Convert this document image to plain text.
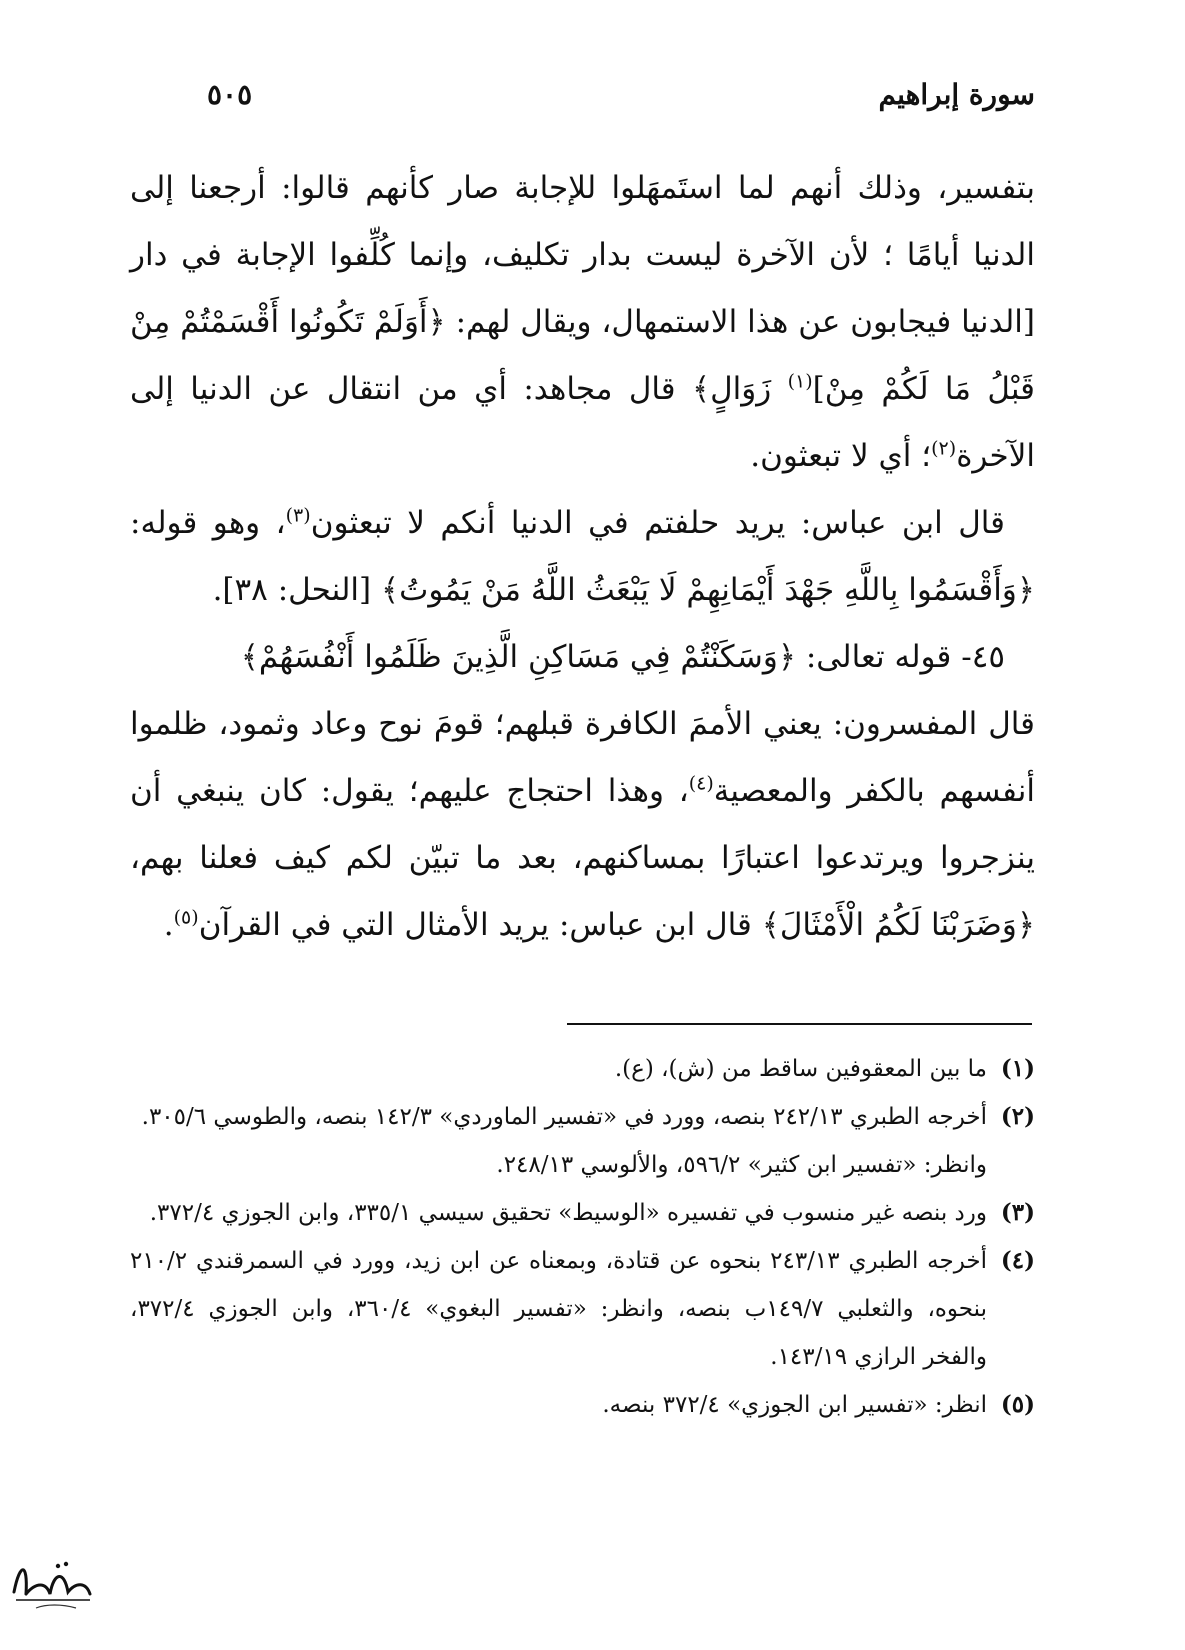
سورة إبراهيم
٥٠٥

بتفسير، وذلك أنهم لما استَمهَلوا للإجابة صار كأنهم قالوا: أرجعنا إلى الدنيا أيامًا ؛ لأن الآخرة ليست بدار تكليف، وإنما كُلِّفوا الإجابة في دار [الدنيا فيجابون عن هذا الاستمهال، ويقال لهم: ﴿أَوَلَمْ تَكُونُوا أَقْسَمْتُمْ مِنْ قَبْلُ مَا لَكُمْ مِنْ]$^{(١)}$ زَوَالٍ﴾ قال مجاهد: أي من انتقال عن الدنيا إلى الآخرة$^{(٢)}$؛ أي لا تبعثون.

قال ابن عباس: يريد حلفتم في الدنيا أنكم لا تبعثون$^{(٣)}$، وهو قوله: ﴿وَأَقْسَمُوا بِاللَّهِ جَهْدَ أَيْمَانِهِمْ لَا يَبْعَثُ اللَّهُ مَنْ يَمُوتُ﴾ [النحل: ٣٨].

٤٥- قوله تعالى: ﴿وَسَكَنْتُمْ فِي مَسَاكِنِ الَّذِينَ ظَلَمُوا أَنْفُسَهُمْ﴾

قال المفسرون: يعني الأممَ الكافرة قبلهم؛ قومَ نوح وعاد وثمود، ظلموا أنفسهم بالكفر والمعصية$^{(٤)}$، وهذا احتجاج عليهم؛ يقول: كان ينبغي أن ينزجروا ويرتدعوا اعتبارًا بمساكنهم، بعد ما تبيّن لكم كيف فعلنا بهم، ﴿وَضَرَبْنَا لَكُمُ الْأَمْثَالَ﴾ قال ابن عباس: يريد الأمثال التي في القرآن$^{(٥)}$.

(١)
ما بين المعقوفين ساقط من (ش)، (ع).

(٢)
أخرجه الطبري ٢٤٢/١٣ بنصه، وورد في «تفسير الماوردي» ١٤٢/٣ بنصه، والطوسي ٣٠٥/٦.

وانظر: «تفسير ابن كثير» ٥٩٦/٢، والألوسي ٢٤٨/١٣.

(٣)
ورد بنصه غير منسوب في تفسيره «الوسيط» تحقيق سيسي ٣٣٥/١، وابن الجوزي ٣٧٢/٤.

(٤)
أخرجه الطبري ٢٤٣/١٣ بنحوه عن قتادة، وبمعناه عن ابن زيد، وورد في السمرقندي ٢١٠/٢ بنحوه، والثعلبي ١٤٩/٧ب بنصه، وانظر: «تفسير البغوي» ٣٦٠/٤، وابن الجوزي ٣٧٢/٤، والفخر الرازي ١٤٣/١٩.

(٥)
انظر: «تفسير ابن الجوزي» ٣٧٢/٤ بنصه.
